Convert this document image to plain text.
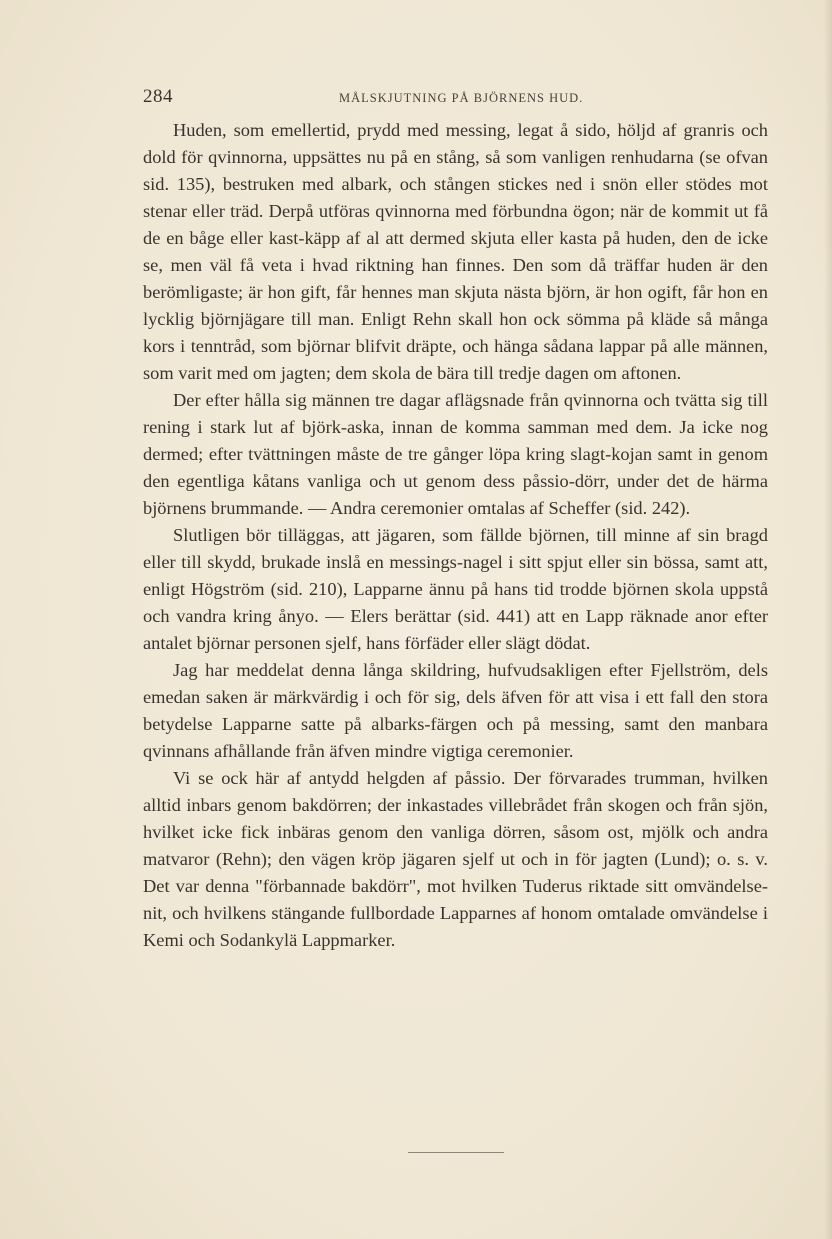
284	MÅLSKJUTNING PÅ BJÖRNENS HUD.

Huden, som emellertid, prydd med messing, legat å sido, höljd af granris och dold för qvinnorna, uppsättes nu på en stång, så som vanligen renhudarna (se ofvan sid. 135), bestruken med albark, och stången stickes ned i snön eller stödes mot stenar eller träd. Derpå utföras qvinnorna med förbundna ögon; när de kommit ut få de en båge eller kast-käpp af al att dermed skjuta eller kasta på huden, den de icke se, men väl få veta i hvad riktning han finnes. Den som då träffar huden är den berömligaste; är hon gift, får hennes man skjuta nästa björn, är hon ogift, får hon en lycklig björnjägare till man. Enligt Rehn skall hon ock sömma på kläde så många kors i tenntråd, som björnar blifvit dräpte, och hänga sådana lappar på alle männen, som varit med om jagten; dem skola de bära till tredje dagen om aftonen.

Der efter hålla sig männen tre dagar aflägsnade från qvinnorna och tvätta sig till rening i stark lut af björk-aska, innan de komma samman med dem. Ja icke nog dermed; efter tvättningen måste de tre gånger löpa kring slagt-kojan samt in genom den egentliga kåtans vanliga och ut genom dess påssio-dörr, under det de härma björnens brummande. — Andra ceremonier omtalas af Scheffer (sid. 242).

Slutligen bör tilläggas, att jägaren, som fällde björnen, till minne af sin bragd eller till skydd, brukade inslå en messings-nagel i sitt spjut eller sin bössa, samt att, enligt Högström (sid. 210), Lapparne ännu på hans tid trodde björnen skola uppstå och vandra kring ånyo. — Elers berättar (sid. 441) att en Lapp räknade anor efter antalet björnar personen sjelf, hans förfäder eller slägt dödat.

Jag har meddelat denna långa skildring, hufvudsakligen efter Fjellström, dels emedan saken är märkvärdig i och för sig, dels äfven för att visa i ett fall den stora betydelse Lapparne satte på albarks-färgen och på messing, samt den manbara qvinnans afhållande från äfven mindre vigtiga ceremonier.

Vi se ock här af antydd helgden af påssio. Der förvarades trumman, hvilken alltid inbars genom bakdörren; der inkastades villebrådet från skogen och från sjön, hvilket icke fick inbäras genom den vanliga dörren, såsom ost, mjölk och andra matvaror (Rehn); den vägen kröp jägaren sjelf ut och in för jagten (Lund); o. s. v. Det var denna "förbannade bakdörr", mot hvilken Tuderus riktade sitt omvändelse-nit, och hvilkens stängande fullbordade Lapparnes af honom omtalade omvändelse i Kemi och Sodankylä Lappmarker.
